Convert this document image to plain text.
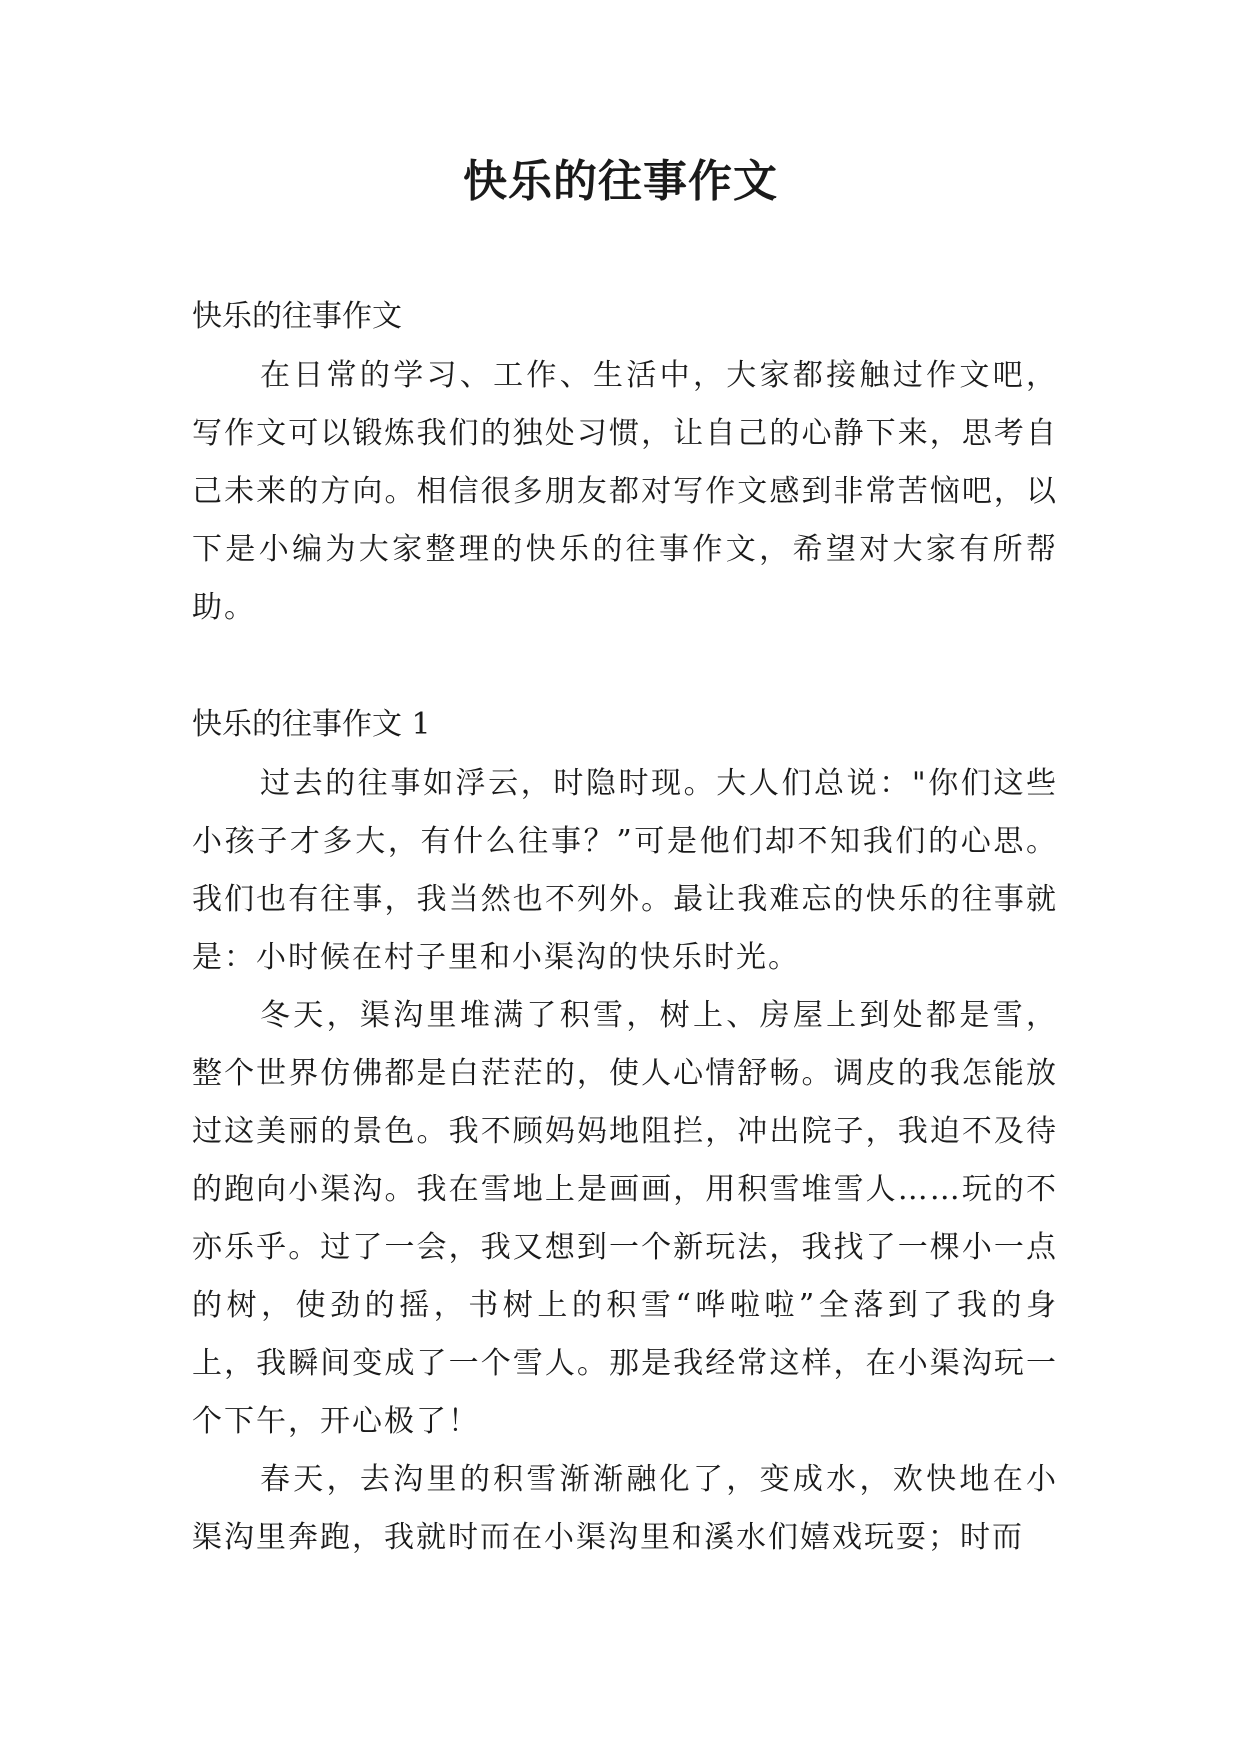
快乐的往事作文

快乐的往事作文

在日常的学习、工作、生活中，大家都接触过作文吧，写作文可以锻炼我们的独处习惯，让自己的心静下来，思考自己未来的方向。相信很多朋友都对写作文感到非常苦恼吧，以下是小编为大家整理的快乐的往事作文，希望对大家有所帮助。

快乐的往事作文 1

过去的往事如浮云，时隐时现。大人们总说："你们这些小孩子才多大，有什么往事？”可是他们却不知我们的心思。我们也有往事，我当然也不列外。最让我难忘的快乐的往事就是：小时候在村子里和小渠沟的快乐时光。

冬天，渠沟里堆满了积雪，树上、房屋上到处都是雪，整个世界仿佛都是白茫茫的，使人心情舒畅。调皮的我怎能放过这美丽的景色。我不顾妈妈地阻拦，冲出院子，我迫不及待的跑向小渠沟。我在雪地上是画画，用积雪堆雪人……玩的不亦乐乎。过了一会，我又想到一个新玩法，我找了一棵小一点的树，使劲的摇，书树上的积雪“哗啦啦”全落到了我的身上，我瞬间变成了一个雪人。那是我经常这样，在小渠沟玩一个下午，开心极了！

春天，去沟里的积雪渐渐融化了，变成水，欢快地在小渠沟里奔跑，我就时而在小渠沟里和溪水们嬉戏玩耍；时而
